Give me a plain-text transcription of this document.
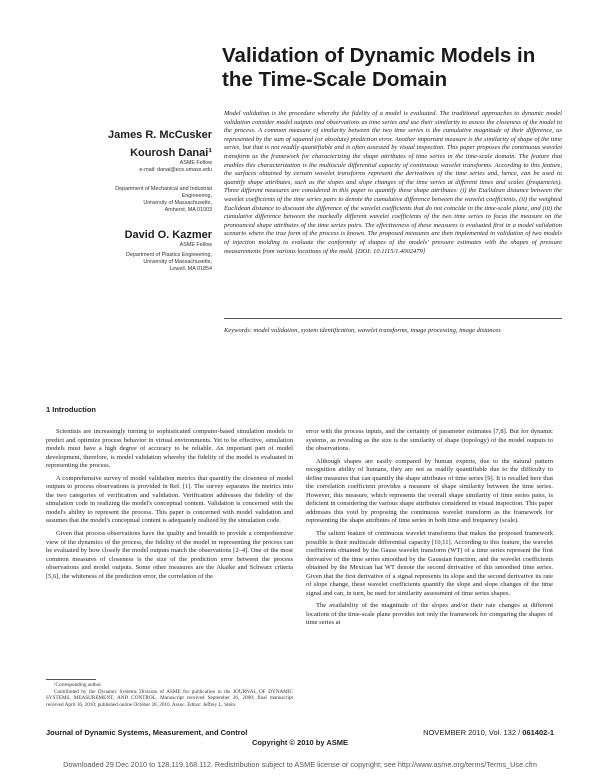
Validation of Dynamic Models in the Time-Scale Domain
James R. McCusker
Kourosh Danai¹
ASME Fellow
e-mail: danai@ecs.umass.edu
Department of Mechanical and Industrial
Engineering,
University of Massachusetts,
Amherst, MA 01003
David O. Kazmer
ASME Fellow
Department of Plastics Engineering,
University of Massachusetts,
Lowell, MA 01854
Model validation is the procedure whereby the fidelity of a model is evaluated. The traditional approaches to dynamic model validation consider model outputs and observations as time series and use their similarity to assess the closeness of the model to the process. A common measure of similarity between the two time series is the cumulative magnitude of their difference, as represented by the sum of squared (or absolute) prediction error. Another important measure is the similarity of shape of the time series, but that is not readily quantifiable and is often assessed by visual inspection. This paper proposes the continuous wavelet transform as the framework for characterizing the shape attributes of time series in the time-scale domain. The feature that enables this characterization is the multiscale differential capacity of continuous wavelet transforms. According to this feature, the surfaces obtained by certain wavelet transforms represent the derivatives of the time series and, hence, can be used to quantify shape attributes, such as the slopes and slope changes of the time series at different times and scales (frequencies). Three different measures are considered in this paper to quantify these shape attributes: (i) the Euclidean distance between the wavelet coefficients of the time series pairs to denote the cumulative difference between the wavelet coefficients, (ii) the weighted Euclidean distance to discount the difference of the wavelet coefficients that do not coincide in the time-scale plane, and (iii) the cumulative difference between the markedly different wavelet coefficients of the two time series to focus the measure on the pronounced shape attributes of the time series pairs. The effectiveness of these measures is evaluated first in a model validation scenario where the true form of the process is known. The proposed measures are then implemented in validation of two models of injection molding to evaluate the conformity of shapes of the models' pressure estimates with the shapes of pressure measurements from various locations of the mold. [DOI: 10.1115/1.4002479]
Keywords: model validation, system identification, wavelet transforms, image processing, image distances
1 Introduction

Scientists are increasingly turning to sophisticated computer-based simulation models to predict and optimize process behavior in virtual environments. Yet to be effective, simulation models must have a high degree of accuracy to be reliable. An important part of model development, therefore, is model validation whereby the fidelity of the model is evaluated in representing the process.

A comprehensive survey of model validation metrics that quantify the closeness of model outputs to process observations is provided in Ref. [1]. The survey separates the metrics into the two categories of verification and validation. Verification addresses the fidelity of the simulation code in realizing the model's conceptual content. Validation is concerned with the model's ability to represent the process. This paper is concerned with model validation and assumes that the model's conceptual content is adequately realized by the simulation code.

Given that process observations have the quality and breadth to provide a comprehensive view of the dynamics of the process, the fidelity of the model in representing the process can be evaluated by how closely the model outputs match the observations [2–4]. One of the most common measures of closeness is the size of the prediction error between the process observations and model outputs. Some other measures are the Akaike and Schwarz criteria [5,6], the whiteness of the prediction error, the correlation of the

¹Corresponding author.

Contributed by the Dynamic Systems Division of ASME for publication in the JOURNAL OF DYNAMIC SYSTEMS, MEASUREMENT, AND CONTROL. Manuscript received September 26, 2008; final manuscript received April 16, 2010; published online October 28, 2010. Assoc. Editor: Jeffrey L. Stein.

error with the process inputs, and the certainty of parameter estimates [7,8]. But for dynamic systems, as revealing as the size is the similarity of shape (topology) of the model outputs to the observations.

Although shapes are easily compared by human experts, due to the natural pattern recognition ability of humans, they are not as readily quantifiable due to the difficulty to define measures that can quantify the shape attributes of time series [9]. It is recalled here that the correlation coefficient provides a measure of shape similarity between the time series. However, this measure, which represents the overall shape similarity of time series pairs, is deficient in considering the various shape attributes considered in visual inspection. This paper addresses this void by proposing the continuous wavelet transform as the framework for representing the shape attributes of time series in both time and frequency (scale).

The salient feature of continuous wavelet transforms that makes the proposed framework possible is their multiscale differential capacity [10,11]. According to this feature, the wavelet coefficients obtained by the Gauss wavelet transform (WT) of a time series represent the first derivative of the time series smoothed by the Gaussian function, and the wavelet coefficients obtained by the Mexican hat WT denote the second derivative of this smoothed time series. Given that the first derivative of a signal represents its slope and the second derivative its rate of slope change, these wavelet coefficients quantify the slope and slope changes of the time signal and can, in turn, be used for similarity assessment of time series shapes.

The availability of the magnitude of the slopes and/or their rate changes at different locations of the time-scale plane provides not only the framework for comparing the shapes of time series at

Journal of Dynamic Systems, Measurement, and Control	NOVEMBER 2010, Vol. 132 / 061402-1
Copyright © 2010 by ASME
Downloaded 29 Dec 2010 to 128.119.168.112. Redistribution subject to ASME license or copyright; see http://www.asme.org/terms/Terms_Use.cfm
